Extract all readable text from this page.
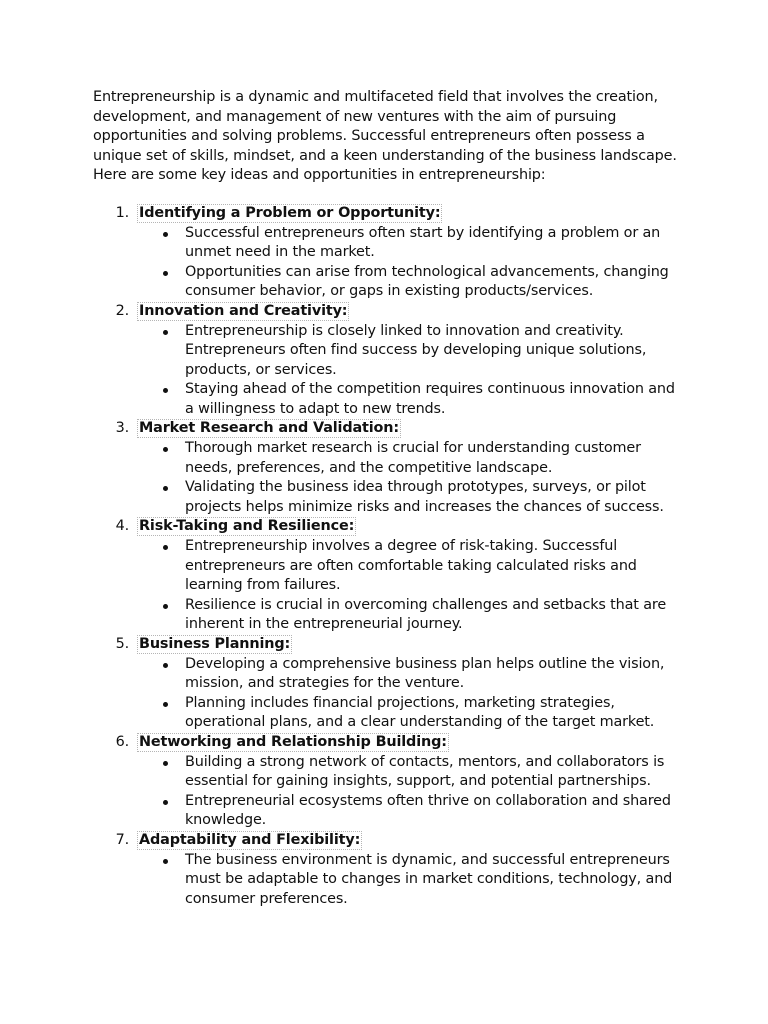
Entrepreneurship is a dynamic and multifaceted field that involves the creation, development, and management of new ventures with the aim of pursuing opportunities and solving problems. Successful entrepreneurs often possess a unique set of skills, mindset, and a keen understanding of the business landscape. Here are some key ideas and opportunities in entrepreneurship:

1. Identifying a Problem or Opportunity:
Successful entrepreneurs often start by identifying a problem or an unmet need in the market.
Opportunities can arise from technological advancements, changing consumer behavior, or gaps in existing products/services.
2. Innovation and Creativity:
Entrepreneurship is closely linked to innovation and creativity. Entrepreneurs often find success by developing unique solutions, products, or services.
Staying ahead of the competition requires continuous innovation and a willingness to adapt to new trends.
3. Market Research and Validation:
Thorough market research is crucial for understanding customer needs, preferences, and the competitive landscape.
Validating the business idea through prototypes, surveys, or pilot projects helps minimize risks and increases the chances of success.
4. Risk-Taking and Resilience:
Entrepreneurship involves a degree of risk-taking. Successful entrepreneurs are often comfortable taking calculated risks and learning from failures.
Resilience is crucial in overcoming challenges and setbacks that are inherent in the entrepreneurial journey.
5. Business Planning:
Developing a comprehensive business plan helps outline the vision, mission, and strategies for the venture.
Planning includes financial projections, marketing strategies, operational plans, and a clear understanding of the target market.
6. Networking and Relationship Building:
Building a strong network of contacts, mentors, and collaborators is essential for gaining insights, support, and potential partnerships.
Entrepreneurial ecosystems often thrive on collaboration and shared knowledge.
7. Adaptability and Flexibility:
The business environment is dynamic, and successful entrepreneurs must be adaptable to changes in market conditions, technology, and consumer preferences.
